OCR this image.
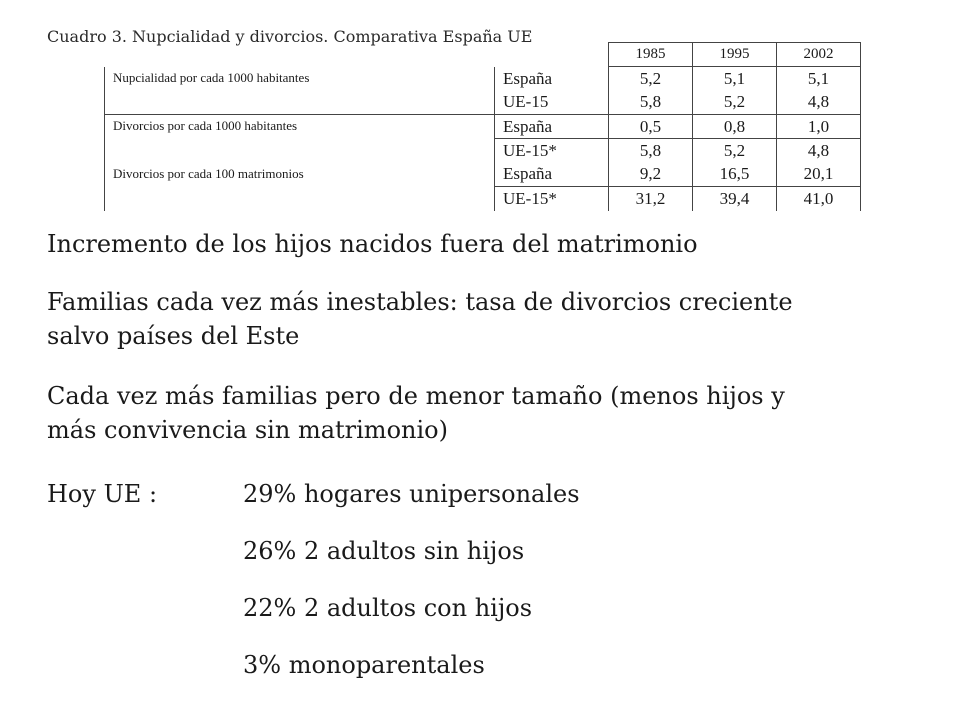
Cuadro 3. Nupcialidad y divorcios. Comparativa España UE
		1985	1995	2002
Nupcialidad por cada 1000 habitantes	España	5,2	5,1	5,1
	UE-15	5,8	5,2	4,8
Divorcios por cada 1000 habitantes	España	0,5	0,8	1,0
	UE-15*	5,8	5,2	4,8
Divorcios por cada 100 matrimonios	España	9,2	16,5	20,1
	UE-15*	31,2	39,4	41,0

Incremento de los hijos nacidos fuera del matrimonio

Familias cada vez más inestables: tasa de divorcios creciente salvo países del Este

Cada vez más familias pero de menor tamaño (menos hijos y más convivencia sin matrimonio)

Hoy UE :	29% hogares unipersonales
26% 2 adultos sin hijos
22% 2 adultos con hijos
3% monoparentales
